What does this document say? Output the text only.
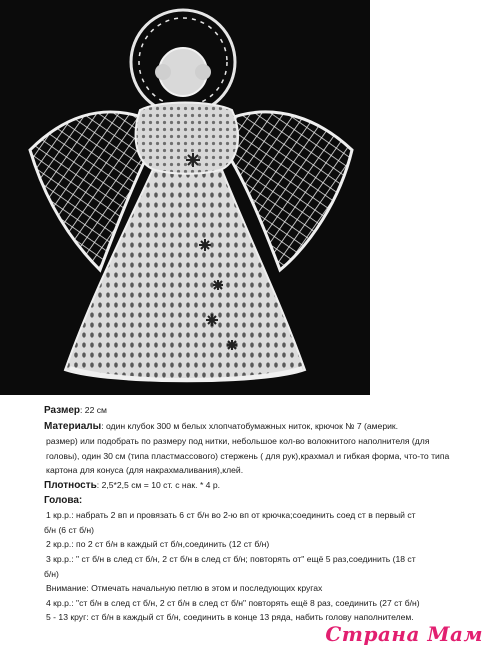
Размер: 22 см
Материалы: один клубок 300 м белых хлопчатобумажных ниток, крючок № 7 (америк.
размер) или подобрать по размеру под нитки, небольшое кол-во волокнитого наполнителя (для
головы), один 30 см (типа пластмассового) стержень ( для рук),крахмал и гибкая форма, что-то типа
картона для конуса (для накрахмаливания),клей.
Плотность: 2,5*2,5 см = 10 ст. с нак. * 4 р.
Голова:
1 кр.р.: набрать 2 вп и провязать 6 ст б/н во 2-ю вп от крючка;соединить соед ст в первый ст
б/н (6 ст б/н)
2 кр.р.: по 2 ст б/н в каждый ст б/н,соединить (12 ст б/н)
3 кр.р.: " ст б/н в след ст б/н, 2 ст б/н в след ст б/н; повторять от" ещё 5 раз,соединить (18 ст
б/н)
Внимание: Отмечать начальную петлю в этом и последующих кругах
4 кр.р.: "ст б/н в след ст б/н, 2 ст б/н в след ст б/н" повторять ещё 8 раз, соединить (27 ст б/н)
5 - 13 круг: ст б/н в каждый ст б/н, соединить в конце 13 ряда, набить голову наполнителем.
Страна Мам
